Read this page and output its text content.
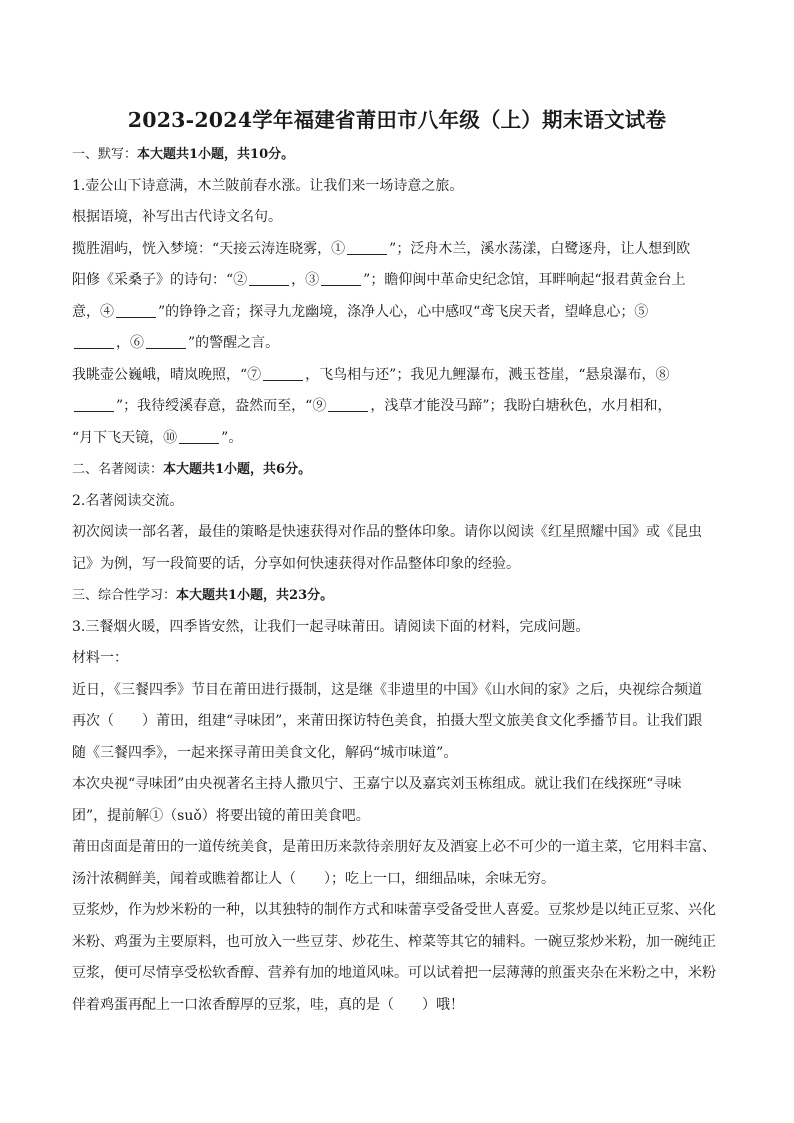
2023-2024学年福建省莆田市八年级（上）期末语文试卷
一、默写：本大题共1小题，共10分。
1.壶公山下诗意满，木兰陂前春水涨。让我们来一场诗意之旅。
根据语境，补写出古代诗文名句。
揽胜湄屿，恍入梦境：“天接云涛连晓雾，①	”；泛舟木兰，溪水荡漾，白鹭逐舟，让人想到欧
阳修《采桑子》的诗句：“②	，③	”；瞻仰闽中革命史纪念馆，耳畔响起“报君黄金台上
意，④	”的铮铮之音；探寻九龙幽境，涤净人心，心中感叹“鸢飞戾天者，望峰息心；⑤
，⑥	”的警醒之言。
我眺壶公巍峨，晴岚晚照，“⑦	，飞鸟相与还”；我见九鲤瀑布，溅玉苍崖，“悬泉瀑布，⑧
”；我待绶溪春意，盎然而至，“⑨	，浅草才能没马蹄”；我盼白塘秋色，水月相和，
“月下飞天镜，⑩	”。
二、名著阅读：本大题共1小题，共6分。
2.名著阅读交流。
初次阅读一部名著，最佳的策略是快速获得对作品的整体印象。请你以阅读《红星照耀中国》或《昆虫
记》为例，写一段简要的话，分享如何快速获得对作品整体印象的经验。
三、综合性学习：本大题共1小题，共23分。
3.三餐烟火暖，四季皆安然，让我们一起寻味莆田。请阅读下面的材料，完成问题。
材料一：
近日，《三餐四季》节目在莆田进行摄制，这是继《非遗里的中国》《山水间的家》之后，央视综合频道
再次（　　）莆田，组建“寻味团”，来莆田探访特色美食，拍摄大型文旅美食文化季播节目。让我们跟
随《三餐四季》，一起来探寻莆田美食文化，解码“城市味道”。
本次央视“寻味团”由央视著名主持人撒贝宁、王嘉宁以及嘉宾刘玉栋组成。就让我们在线探班“寻味
团”，提前解①（suǒ）将要出镜的莆田美食吧。
莆田卤面是莆田的一道传统美食，是莆田历来款待亲朋好友及酒宴上必不可少的一道主菜，它用料丰富、
汤汁浓稠鲜美，闻着或瞧着都让人（　　）；吃上一口，细细品味，余味无穷。
豆浆炒，作为炒米粉的一种，以其独特的制作方式和味蕾享受备受世人喜爱。豆浆炒是以纯正豆浆、兴化
米粉、鸡蛋为主要原料，也可放入一些豆芽、炒花生、榨菜等其它的辅料。一碗豆浆炒米粉，加一碗纯正
豆浆，便可尽情享受松软香醇、营养有加的地道风味。可以试着把一层薄薄的煎蛋夹杂在米粉之中，米粉
伴着鸡蛋再配上一口浓香醇厚的豆浆，哇，真的是（　　）哦！
